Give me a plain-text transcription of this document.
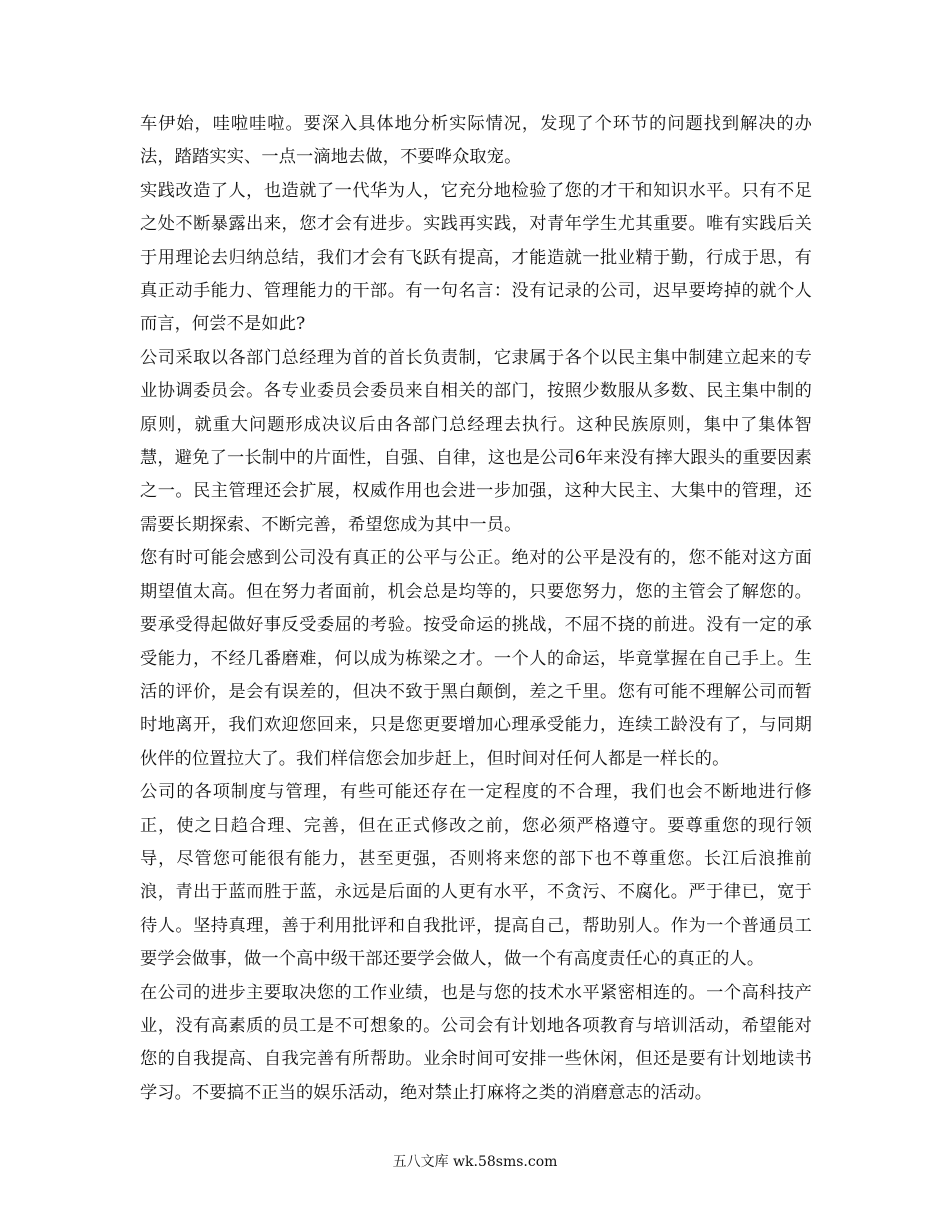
车伊始，哇啦哇啦。要深入具体地分析实际情况，发现了个环节的问题找到解决的办法，踏踏实实、一点一滴地去做，不要哗众取宠。

实践改造了人，也造就了一代华为人，它充分地检验了您的才干和知识水平。只有不足之处不断暴露出来，您才会有进步。实践再实践，对青年学生尤其重要。唯有实践后关于用理论去归纳总结，我们才会有飞跃有提高，才能造就一批业精于勤，行成于思，有真正动手能力、管理能力的干部。有一句名言：没有记录的公司，迟早要垮掉的就个人而言，何尝不是如此?

公司采取以各部门总经理为首的首长负责制，它隶属于各个以民主集中制建立起来的专业协调委员会。各专业委员会委员来自相关的部门，按照少数服从多数、民主集中制的原则，就重大问题形成决议后由各部门总经理去执行。这种民族原则，集中了集体智慧，避免了一长制中的片面性，自强、自律，这也是公司6年来没有摔大跟头的重要因素之一。民主管理还会扩展，权威作用也会进一步加强，这种大民主、大集中的管理，还需要长期探索、不断完善，希望您成为其中一员。

您有时可能会感到公司没有真正的公平与公正。绝对的公平是没有的，您不能对这方面期望值太高。但在努力者面前，机会总是均等的，只要您努力，您的主管会了解您的。要承受得起做好事反受委屈的考验。按受命运的挑战，不屈不挠的前进。没有一定的承受能力，不经几番磨难，何以成为栋梁之才。一个人的命运，毕竟掌握在自己手上。生活的评价，是会有误差的，但决不致于黑白颠倒，差之千里。您有可能不理解公司而暂时地离开，我们欢迎您回来，只是您更要增加心理承受能力，连续工龄没有了，与同期伙伴的位置拉大了。我们样信您会加步赶上，但时间对任何人都是一样长的。

公司的各项制度与管理，有些可能还存在一定程度的不合理，我们也会不断地进行修正，使之日趋合理、完善，但在正式修改之前，您必须严格遵守。要尊重您的现行领导，尽管您可能很有能力，甚至更强，否则将来您的部下也不尊重您。长江后浪推前浪，青出于蓝而胜于蓝，永远是后面的人更有水平，不贪污、不腐化。严于律已，宽于待人。坚持真理，善于利用批评和自我批评，提高自己，帮助别人。作为一个普通员工要学会做事，做一个高中级干部还要学会做人，做一个有高度责任心的真正的人。

在公司的进步主要取决您的工作业绩，也是与您的技术水平紧密相连的。一个高科技产业，没有高素质的员工是不可想象的。公司会有计划地各项教育与培训活动，希望能对您的自我提高、自我完善有所帮助。业余时间可安排一些休闲，但还是要有计划地读书学习。不要搞不正当的娱乐活动，绝对禁止打麻将之类的消磨意志的活动。

五八文库 wk.58sms.com
